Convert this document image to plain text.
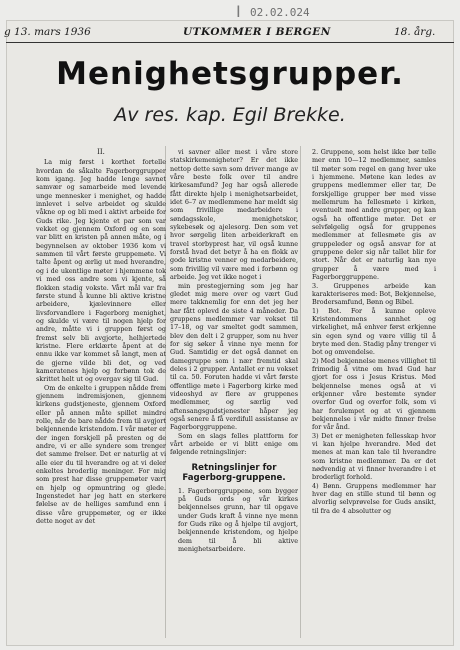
I 02.02.024
g 13. mars 1936	UTKOMMER I BERGEN	18. årg.
Menighetsgrupper.
Av res. kap. Egil Brekke.
II.

La mig først i korthet fortelle hvordan de såkalte Fagerborggrupper kom igang. Jeg hadde lenge savnet samvær og samarbeide med levende unge mennesker i menighet, og hadde innlevet i selve arbeidet og skulde våkne op og bli med i aktivt arbeide for Guds rike. Jeg kjente et par som var vekket og gjennem Oxford og en som var blitt en kristen på annen måte, og i begynnelsen av oktober 1936 kom vi sammen til vårt første gruppemøte. Vi talte åpent og ærlig ut med hverandre, og i de ukentlige møter i hjemmene tok vi med oss andre som vi kjente, så flokken stadig vokste. Vårt mål var fra første stund å kunne bli aktive kristne arbeidere, kjælevinnere eller livsforvandlere i Fagerborg menighet, og skulde vi være til nogen hjelp for andre, måtte vi i gruppen først og fremst selv bli avgjorte, helhjertede kristne. Flere erklærte åpent at de ennu ikke var kommet så langt, men at de gjerne vilde bli det, og ved kameratenes hjelp og forbønn tok de skrittet helt ut og overgav sig til Gud.

Om de enkelte i gruppen nådde frem gjennem indremisjonen, gjennem kirkens gudstjeneste, gjennem Oxford eller på annen måte spillet mindre rolle, når de bare nådde frem til avgjort bekjennende kristendom. I vår møter er der ingen forskjell på presten og de andre, vi er alle syndere som trenger det samme frelser. Det er naturlig at vi alle eier du til hverandre og at vi deler enkeltes broderlig meninger. For mig som prest har disse gruppemøter vært en hjelp og opmuntring og glede. Ingenstedet har jeg hatt en sterkere følelse av de helliges samfund enn i disse våre gruppemøter, og er ikke dette noget av det

vi savner aller mest i våre store statskirkemenigheter? Er det ikke nettop dette savn som driver mange av våre beste folk over til andre kirkesamfund? Jeg har også allerede fått direkte hjelp i menighetsarbeidet, idet 6–7 av medlemmene har meldt sig som frivillige medarbeidere i søndagsskole, menighetskor, sykebesøk og ajelesorg. Den som vet hvor sørgelig liten arbeiderkraft en travel storbyprest har, vil også kunne forstå hvad det betyr å ha en flokk av gode kristne venner og medarbeidere, som frivillig vil være med i forbønn og arbeide. Jeg vet ikke noget i

min prestegjerning som jeg har gledet mig mere over og vært Gud mere takknemlig for enn det jeg her har fått oplevd de siste 4 måneder. Da gruppens medlemmer var vokset til 17–18, og var smeltet godt sammen, blev den delt i 2 grupper, som nu hver for sig søker å vinne nye menn for Gud. Samtidig er det også dannet en damegruppe som i nær fremtid skal deles i 2 grupper. Antallet er nu vokset til ca. 50. Foruten hadde vi vårt første offentlige møte i Fagerborg kirke med videoshyd av flere av gruppenes medlemmer, og særlig ved aftensangsgudstjenester håper jeg også senere å få verdifull assistanse av Fagerborggruppene.

Som en slags felles plattform for vårt arbeide er vi blitt enige om følgende retningslinjer:

Retningslinjer for Fagerborg-gruppene.

1. Fagerborggruppene, som bygger på Guds ords og vår kirkes bekjennelses grunn, har til opgave under Guds kraft å vinne nye menn for Guds rike og å hjelpe til avgjort, bekjennende kristendom, og hjelpe dem til å bli aktive menighetsarbeidere.

2. Gruppene, som helst ikke bør telle mer enn 10—12 medlemmer, samles til møter som regel en gang hver uke i hjemmene. Møtene kan ledes av gruppens medlemmer eller tar, De forskjellige grupper bør med visse mellemrum ha fellesmøte i kirken, eventuelt med andre grupper, og kan også ha offentlige møter. Det er selvfølgelig også for gruppenes medlemmer at fellesmøte gis av gruppeleder og også ansvar for at gruppene deler sig når tallet blir for stort. Når det er naturlig kan nye grupper å være med i Fagerborggruppene.

3. Gruppenes arbeide kan karakteriseres med: Bot, Bekjennelse, Brodersamfund, Bønn og Bibel.

1) Bot. For å kunne oplevе Kristendommens sannhet og virkelighet, må enhver først erkjenne sin egen synd og være villig til å bryte med den. Stadig påny trenger vi bot og omvendelse.

2) Med bekjennelse menes villighet til frimodig å vitne om hvad Gud har gjort for oss i Jesus Kristus. Med bekjennelse menes også at vi erkjenner våre bestemte synder overfor Gud og overfor folk, som vi har forulempet og at vi gjennem bekjennelse i vår midte finner frelse for vår ånd.

3) Det er menigheten fellesskap hvor vi kan hjelpe hverandre. Med det menes at man kan tale til hverandre som kristne medlemmer. Da er det nødvendig at vi finner hverandre i et broderligt forhold.

4) Bønn. Gruppens medlemmer har hver dag en stille stund til bønn og alvorlig selvprøvelse for Guds ansikt, til fra de 4 absolutter og
